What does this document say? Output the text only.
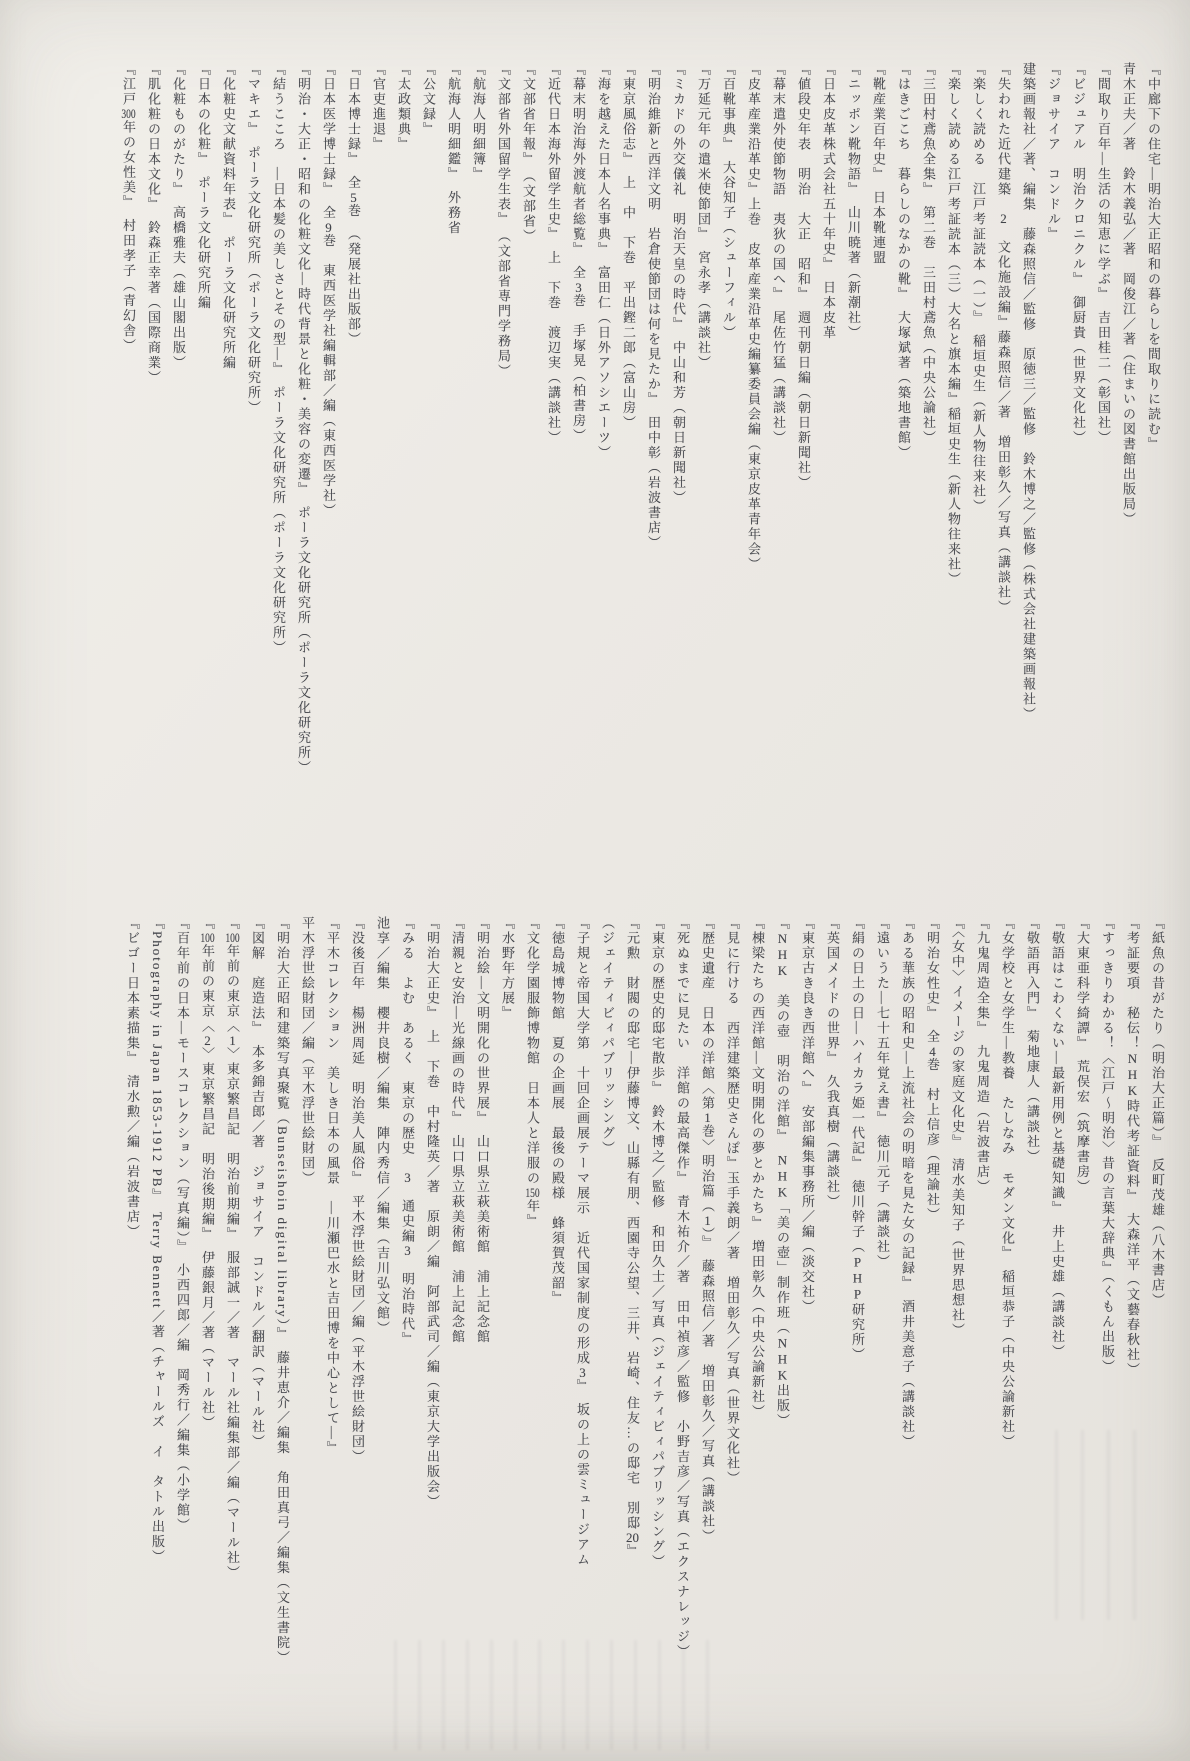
『中廊下の住宅―明治大正昭和の暮らしを間取りに読む』

青木正夫／著　鈴木義弘／著　岡俊江／著（住まいの図書館出版局）

『間取り百年―生活の知恵に学ぶ』　吉田桂二（彰国社）

『ビジュアル　明治クロニクル』　御厨貴（世界文化社）

『ジョサイア　コンドル』

建築画報社／著、編集　藤森照信／監修　原徳三／監修　鈴木博之／監修（株式会社建築画報社）

『失われた近代建築　2　文化施設編』藤森照信／著　増田彰久／写真（講談社）

『楽しく読める　江戸考証読本（一）』　稲垣史生（新人物往来社）

『楽しく読める江戸考証読本（三）大名と旗本編』稲垣史生（新人物往来社）

『三田村鳶魚全集』　第二巻　三田村鳶魚（中央公論社）

『はきごこち　暮らしのなかの靴』　大塚斌著（築地書館）

『靴産業百年史』　日本靴連盟

『ニッポン靴物語』　山川暁著（新潮社）

『日本皮革株式会社五十年史』　日本皮革

『値段史年表　明治　大正　昭和』　週刊朝日編（朝日新聞社）

『幕末遣外使節物語　夷狄の国へ』　尾佐竹猛（講談社）

『皮革産業沿革史』上巻　皮革産業沿革史編纂委員会編（東京皮革青年会）

『百靴事典』　大谷知子（シューフィル）

『万延元年の遣米使節団』　宮永孝（講談社）

『ミカドの外交儀礼　明治天皇の時代』　中山和芳（朝日新聞社）

『明治維新と西洋文明　岩倉使節団は何を見たか』　田中彰（岩波書店）

『東京風俗志』　上　中　下巻　平出鏗二郎（富山房）

『海を越えた日本人名事典』　富田仁（日外アソシエーツ）

『幕末明治海外渡航者総覧』　全3巻　手塚晃（柏書房）

『近代日本海外留学生史』　上　下巻　渡辺実（講談社）

『文部省年報』　（文部省）

『文部省外国留学生表』　（文部省専門学務局）

『航海人明細簿』

『航海人明細鑑』　外務省

『公文録』

『太政類典』

『官吏進退』

『日本博士録』　全5巻　（発展社出版部）

『日本医学博士録』　全9巻　東西医学社編輯部／編（東西医学社）

『明治・大正・昭和の化粧文化―時代背景と化粧・美容の変遷』　ポーラ文化研究所（ポーラ文化研究所）

『結うこころ　―日本髪の美しさとその型―』　ポーラ文化研究所（ポーラ文化研究所）

『マキエ』　ポーラ文化研究所（ポーラ文化研究所）

『化粧史文献資料年表』　ポーラ文化研究所編

『日本の化粧』　ポーラ文化研究所編

『化粧ものがたり』　高橋雅夫（雄山閣出版）

『肌化粧の日本文化』　鈴森正幸著（国際商業）

『江戸300年の女性美』　村田孝子（青幻舎）

『紙魚の昔がたり（明治大正篇）』　反町茂雄（八木書店）

『考証要項　秘伝！NHK時代考証資料』　大森洋平（文藝春秋社）

『すっきりわかる！〈江戸〜明治〉昔の言葉大辞典』（くもん出版）

『大東亜科学綺譚』　荒俣宏（筑摩書房）

『敬語はこわくない―最新用例と基礎知識』　井上史雄（講談社）

『敬語再入門』　菊地康人（講談社）

『女学校と女学生―教養　たしなみ　モダン文化』　稲垣恭子（中央公論新社）

『九鬼周造全集』　九鬼周造（岩波書店）

『〈女中〉イメージの家庭文化史』　清水美知子（世界思想社）

『明治女性史』　全4巻　村上信彦（理論社）

『ある華族の昭和史―上流社会の明暗を見た女の記録』　酒井美意子（講談社）

『遠いうた―七十五年覚え書』　徳川元子（講談社）

『絹の日土の日―ハイカラ姫一代記』　徳川幹子（PHP研究所）

『英国メイドの世界』　久我真樹（講談社）

『東京古き良き西洋館へ』　安部編集事務所／編（淡交社）

『NHK　美の壺　明治の洋館』　NHK「美の壺」制作班（NHK出版）

『棟梁たちの西洋館―文明開化の夢とかたち』　増田彰久（中央公論新社）

『見に行ける　西洋建築歴史さんぽ』玉手義朗／著　増田彰久／写真（世界文化社）

『歴史遺産　日本の洋館〈第1巻〉明治篇（1）』　藤森照信／著　増田彰久／写真（講談社）

『死ぬまでに見たい　洋館の最高傑作』　青木祐介／著　田中禎彦／監修　小野吉彦／写真（エクスナレッジ）

『東京の歴史的邸宅散歩』　鈴木博之／監修　和田久士／写真（ジェイティビィパブリッシング）

『元勲　財閥の邸宅―伊藤博文、山縣有朋、西園寺公望、三井、岩崎、住友…の邸宅　別邸20』

（ジェイティビィパブリッシング）

『子規と帝国大学第　十回企画展テーマ展示　近代国家制度の形成3』　坂の上の雲ミュージアム

『徳島城博物館　夏の企画展　最後の殿様　蜂須賀茂韶』

『文化学園服飾博物館　日本人と洋服の150年』

『水野年方展』

『明治絵―文明開化の世界展』　山口県立萩美術館　浦上記念館

『清親と安治―光線画の時代』　山口県立萩美術館　浦上記念館

『明治大正史』　上　下巻　中村隆英／著　原朗／編　阿部武司／編（東京大学出版会）

『みる　よむ　あるく　東京の歴史　3　通史編3　明治時代』

池享／編集　櫻井良樹／編集　陣内秀信／編集（吉川弘文館）

『没後百年　楊洲周延　明治美人風俗』　平木浮世絵財団／編（平木浮世絵財団）

『平木コレクション　美しき日本の風景　―川瀬巴水と吉田博を中心として―』

平木浮世絵財団／編（平木浮世絵財団）

『明治大正昭和建築写真聚覧（Bunseishoin digital library）』　藤井恵介／編集　角田真弓／編集（文生書院）

『図解　庭造法』　本多錦吉郎／著　ジョサイア　コンドル／翻訳（マール社）

『100年前の東京〈1〉東京繁昌記　明治前期編』　服部誠一／著　マール社編集部／編（マール社）

『100年前の東京〈2〉東京繁昌記　明治後期編』　伊藤銀月／著（マール社）

『百年前の日本―モースコレクション（写真編）』　小西四郎／編　岡秀行／編集（小学館）

『Photography in Japan 1853-1912 PB』　Terry Bennett／著（チャールズ　イ　タトル出版）

『ビゴー日本素描集』　清水勲／編（岩波書店）
